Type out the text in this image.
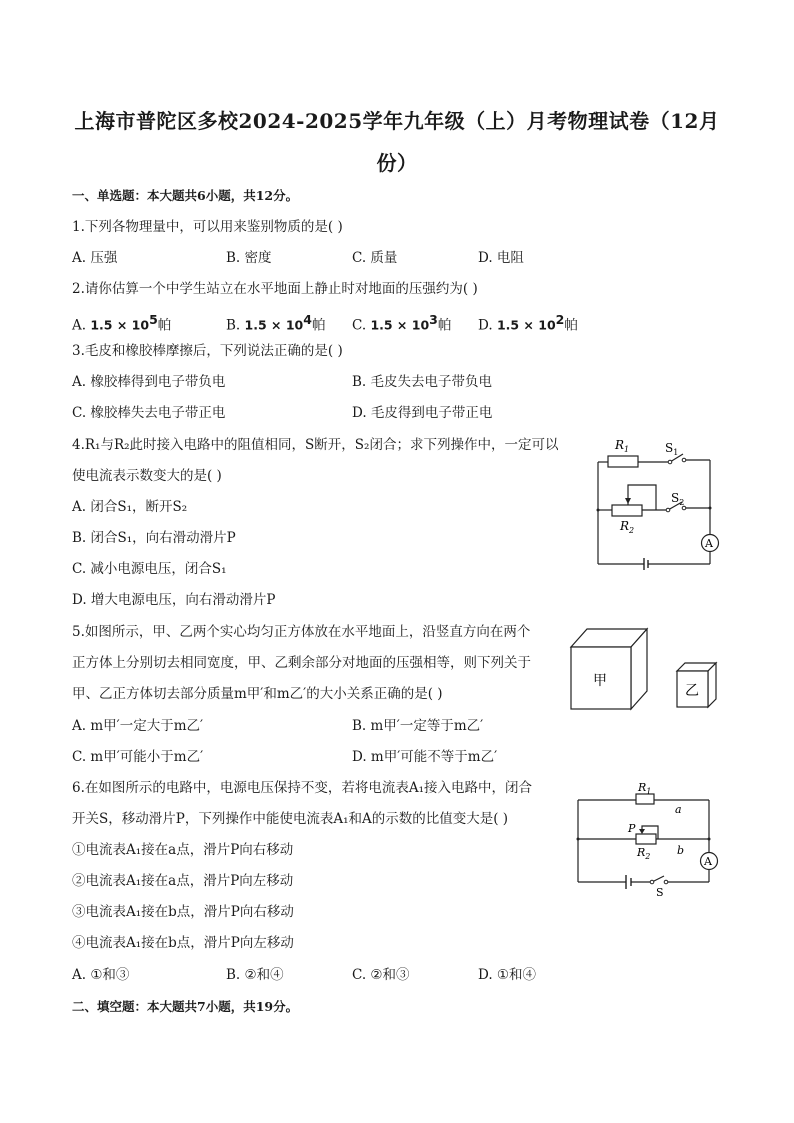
上海市普陀区多校2024-2025学年九年级（上）月考物理试卷（12月
份）
一、单选题：本大题共6小题，共12分。
1.下列各物理量中，可以用来鉴别物质的是( )
A. 压强	B. 密度	C. 质量	D. 电阻
2.请你估算一个中学生站立在水平地面上静止时对地面的压强约为( )
A. $1.5 \times 10^5$帕	B. $1.5 \times 10^4$帕 C. $1.5 \times 10^3$帕 D. $1.5 \times 10^2$帕
3.毛皮和橡胶棒摩擦后，下列说法正确的是( )
A. 橡胶棒得到电子带负电	B. 毛皮失去电子带负电
C. 橡胶棒失去电子带正电	D. 毛皮得到电子带正电
4.R₁与R₂此时接入电路中的阻值相同，S断开，S₂闭合；求下列操作中，一定可以
使电流表示数变大的是( )
A. 闭合S₁，断开S₂
B. 闭合S₁，向右滑动滑片P
C. 减小电源电压，闭合S₁
D. 增大电源电压，向右滑动滑片P
$R_1$	$S_1$
$S_2$
$R_2$
A
5.如图所示，甲、乙两个实心均匀正方体放在水平地面上，沿竖直方向在两个
正方体上分别切去相同宽度，甲、乙剩余部分对地面的压强相等，则下列关于
甲、乙正方体切去部分质量m甲′和m乙′的大小关系正确的是( )
A. m甲′一定大于m乙′	B. m甲′一定等于m乙′
C. m甲′可能小于m乙′	D. m甲′可能不等于m乙′
甲
乙
6.在如图所示的电路中，电源电压保持不变，若将电流表A₁接入电路中，闭合
开关S，移动滑片P，下列操作中能使电流表A₁和A的示数的比值变大是( )
①电流表A₁接在a点，滑片P向右移动
②电流表A₁接在a点，滑片P向左移动
③电流表A₁接在b点，滑片P向右移动
④电流表A₁接在b点，滑片P向左移动
A. ①和③	B. ②和④	C. ②和③	D. ①和④
$R_1$
a
P
$R_2$ b
A
S
二、填空题：本大题共7小题，共19分。
